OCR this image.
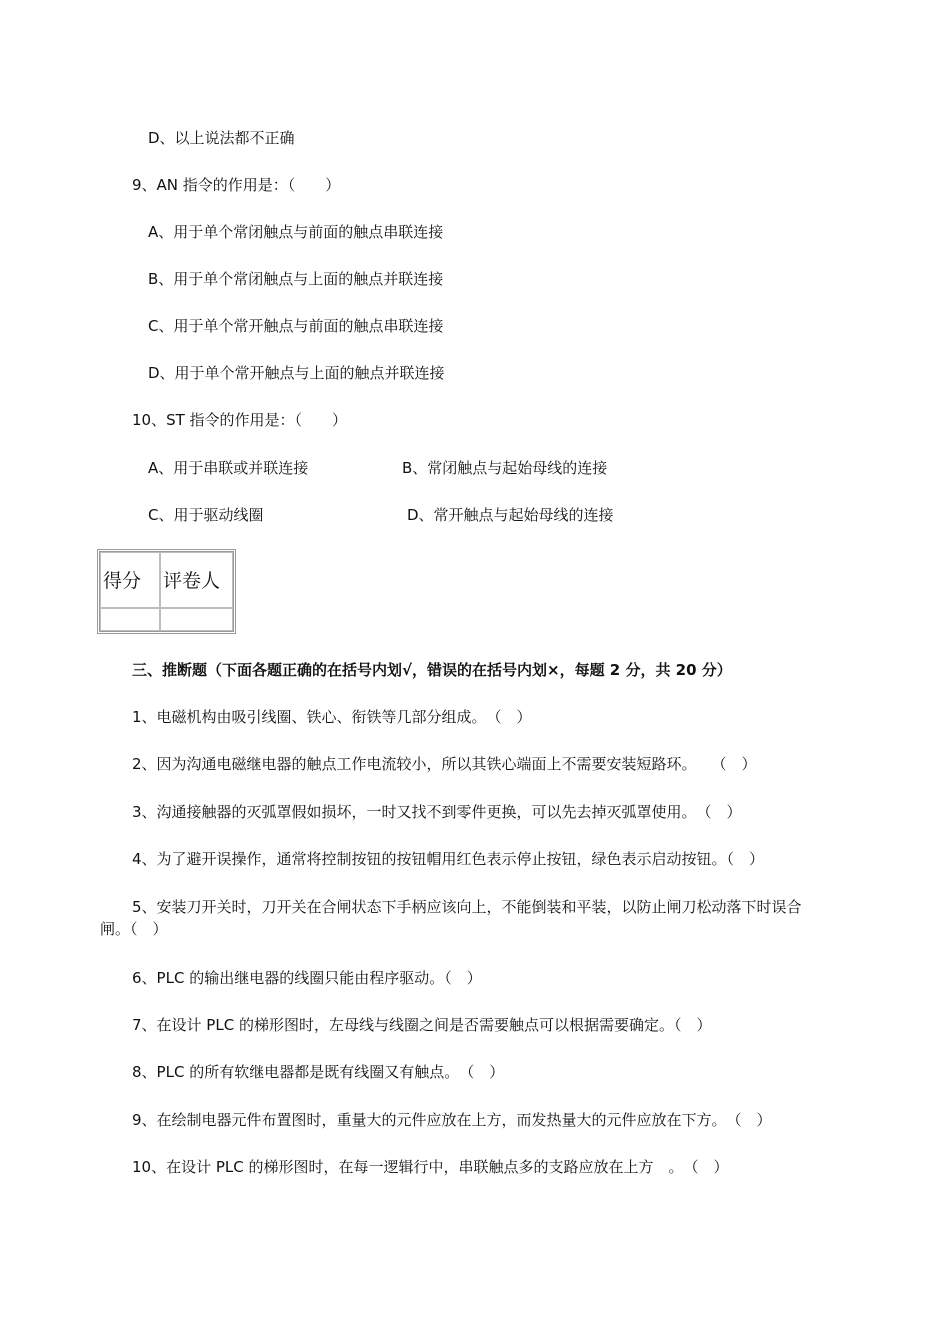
D、以上说法都不正确
9、AN 指令的作用是：（　　）
A、用于单个常闭触点与前面的触点串联连接
B、用于单个常闭触点与上面的触点并联连接
C、用于单个常开触点与前面的触点串联连接
D、用于单个常开触点与上面的触点并联连接
10、ST 指令的作用是：（　　）
A、用于串联或并联连接	B、常闭触点与起始母线的连接
C、用于驱动线圈	D、常开触点与起始母线的连接
得分	评卷人
三、推断题（下面各题正确的在括号内划√，错误的在括号内划×，每题 2 分，共 20 分）
1、电磁机构由吸引线圈、铁心、衔铁等几部分组成。　（　）
2、因为沟通电磁继电器的触点工作电流较小，所以其铁心端面上不需要安装短路环。　　（　）
3、沟通接触器的灭弧罩假如损坏，一时又找不到零件更换，可以先去掉灭弧罩使用。　（　）
4、为了避开误操作，通常将控制按钮的按钮帽用红色表示停止按钮，绿色表示启动按钮。（　）
5、安装刀开关时，刀开关在合闸状态下手柄应该向上，不能倒装和平装，以防止闸刀松动落下时误合闸。（　）
6、PLC 的输出继电器的线圈只能由程序驱动。（　）
7、在设计 PLC 的梯形图时，左母线与线圈之间是否需要触点可以根据需要确定。（　）
8、PLC 的所有软继电器都是既有线圈又有触点。　（　）
9、在绘制电器元件布置图时，重量大的元件应放在上方，而发热量大的元件应放在下方。　（　）
10、在设计 PLC 的梯形图时，在每一逻辑行中，串联触点多的支路应放在上方　。　（　）
